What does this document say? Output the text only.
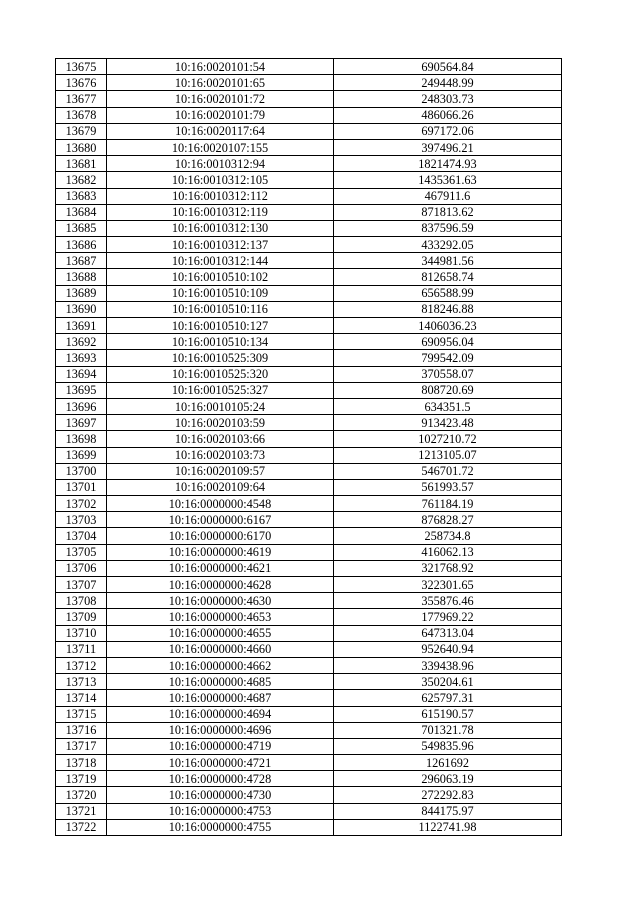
13675	10:16:0020101:54	690564.84
13676	10:16:0020101:65	249448.99
13677	10:16:0020101:72	248303.73
13678	10:16:0020101:79	486066.26
13679	10:16:0020117:64	697172.06
13680	10:16:0020107:155	397496.21
13681	10:16:0010312:94	1821474.93
13682	10:16:0010312:105	1435361.63
13683	10:16:0010312:112	467911.6
13684	10:16:0010312:119	871813.62
13685	10:16:0010312:130	837596.59
13686	10:16:0010312:137	433292.05
13687	10:16:0010312:144	344981.56
13688	10:16:0010510:102	812658.74
13689	10:16:0010510:109	656588.99
13690	10:16:0010510:116	818246.88
13691	10:16:0010510:127	1406036.23
13692	10:16:0010510:134	690956.04
13693	10:16:0010525:309	799542.09
13694	10:16:0010525:320	370558.07
13695	10:16:0010525:327	808720.69
13696	10:16:0010105:24	634351.5
13697	10:16:0020103:59	913423.48
13698	10:16:0020103:66	1027210.72
13699	10:16:0020103:73	1213105.07
13700	10:16:0020109:57	546701.72
13701	10:16:0020109:64	561993.57
13702	10:16:0000000:4548	761184.19
13703	10:16:0000000:6167	876828.27
13704	10:16:0000000:6170	258734.8
13705	10:16:0000000:4619	416062.13
13706	10:16:0000000:4621	321768.92
13707	10:16:0000000:4628	322301.65
13708	10:16:0000000:4630	355876.46
13709	10:16:0000000:4653	177969.22
13710	10:16:0000000:4655	647313.04
13711	10:16:0000000:4660	952640.94
13712	10:16:0000000:4662	339438.96
13713	10:16:0000000:4685	350204.61
13714	10:16:0000000:4687	625797.31
13715	10:16:0000000:4694	615190.57
13716	10:16:0000000:4696	701321.78
13717	10:16:0000000:4719	549835.96
13718	10:16:0000000:4721	1261692
13719	10:16:0000000:4728	296063.19
13720	10:16:0000000:4730	272292.83
13721	10:16:0000000:4753	844175.97
13722	10:16:0000000:4755	1122741.98
